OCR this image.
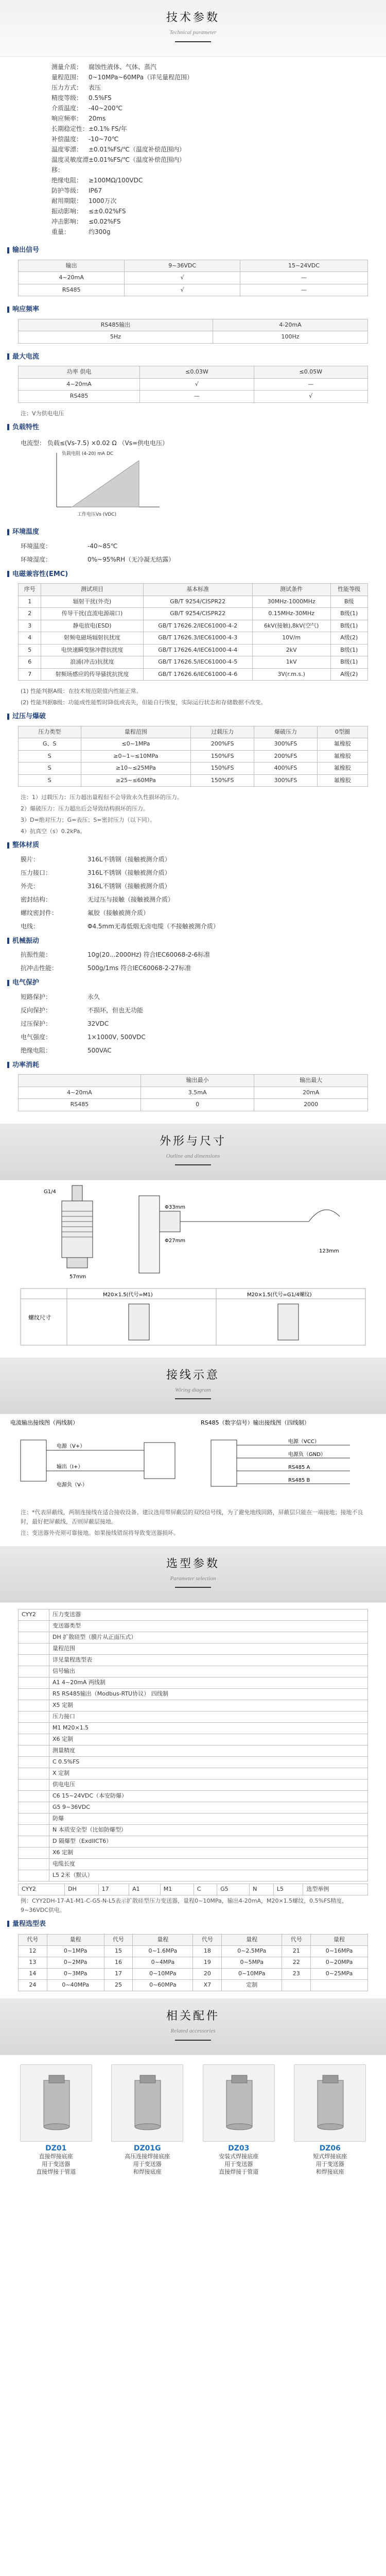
技术参数
Technical parameter
测量介质： 腐蚀性液体、气体、蒸汽
量程范围： 0~10MPa~60MPa（详见量程范围）
压力方式： 表压
精度等级： 0.5%FS
介质温度： -40~200℃
响应频率： 20ms
长期稳定性： ±0.1% FS/年
补偿温度： -10~70℃
温度零漂： ±0.01%FS/℃（温度补偿范围内）
温度灵敏度漂移：
±0.01%FS/℃（温度补偿范围内）
绝缘电阻： ≥100MΩ/100VDC
防护等级： IP67
耐用期限： 1000万次
振动影响： ≤±0.02%FS
冲击影响： ≤0.02%FS
重量：	约300g
输出信号
输出	9~36VDC	15~24VDC
4~20mA	√	—
RS485	√	—
响应频率
RS485输出	4-20mA
5Hz	100Hz
最大电流
功率 供电	≤0.03W	≤0.05W
4~20mA	√	—
RS485	—	√
注：V为供电电压
负载特性
电流型： 负载≤(Vs-7.5) ×0.02 Ω （Vs=供电电压）
负载电阻 (4-20) mA DC
工作电压Vs (VDC)
环境温度
环境温度：	-40~85℃
环境湿度：	0%~95%RH（无冷凝无结露）
电磁兼容性(EMC)
序号	测试项目	基本标准	测试条件	性能等级
1	辐射干扰(外壳)	GB/T 9254/CISPR22	30MHz-1000MHz	B级
2	传导干扰(直流电源端口)	GB/T 9254/CISPR22	0.15MHz-30MHz	B级(1)
3	静电放电(ESD)	GB/T 17626.2/IEC61000-4-2	6kV(接触),8kV(空气)	B级(1)
4	射频电磁场辐射抗扰度	GB/T 17626.3/IEC61000-4-3	10V/m	A级(2)
5	电快速瞬变脉冲群抗扰度	GB/T 17626.4/IEC61000-4-4	2kV	B级(1)
6	浪涌(冲击)抗扰度	GB/T 17626.5/IEC61000-4-5	1kV	B级(1)
7	射频场感应的传导骚扰抗扰度	GB/T 17626.6/IEC61000-4-6	3V(r.m.s.)	A级(2)
(1) 性能判据A级：在技术规范限值内性能正常。
(2) 性能判据B级：功能或性能暂时降低或丧失，但能自行恢复，实际运行状态和存储数据不改变。
过压与爆破
压力类型	量程范围	过载压力	爆破压力	0型圈
G、S	≤0~1MPa	200%FS	300%FS	氟橡胶
S	≥0~1~≤10MPa	150%FS	200%FS	氟橡胶
S	≥10~≤25MPa	150%FS	400%FS	氟橡胶
S	≥25~≤60MPa	150%FS	300%FS	氟橡胶
注：1）过载压力：压力超出量程但不会导致永久性损坏的压力。
2）爆破压力：压力超出后会导致结构损坏的压力。
3）D=绝对压力；G=表压；S=密封压力（以下同）。
4）抗真空（s）0.2kPa。
整体材质
膜片：	316L不锈钢（接触被测介质）
压力接口：	316L不锈钢（接触被测介质）
外壳：	316L不锈钢（接触被测介质）
密封结构：	无过压与接触（接触被测介质）
螺纹密封件：	氟胶（接触被测介质）
电线：	Φ4.5mm无毒低烟无卤电缆（不接触被测介质）
机械振动
抗振性能：	10g(20...2000Hz) 符合IEC60068-2-6标准
抗冲击性能：	500g/1ms 符合IEC60068-2-27标准
电气保护
短路保护：	永久
反向保护：	不损坏，但也无功能
过压保护：	32VDC
电气强度：	1×1000V, 500VDC
绝缘电阻：	500VAC
功率消耗
	输出最小	输出最大
4~20mA	3.5mA	20mA
RS485	0	2000
外形与尺寸
Outline and dimensions
G1/4
57mm
Φ33mm
Φ27mm
123mm
螺纹尺寸
M20×1.5(代号=M1)	M20×1.5(代号=G1/4螺纹)
接线示意
Wiring diagram
电流输出接线图（两线制）	RS485（数字信号）输出接线图（四线制）
电源（V+）
输出（I+）
电源负（V-）
电源（VCC）
电源负（GND）
RS485 A
RS485 B
注：*代表屏蔽线，两制连接线在适合接收设备。建议选用带屏蔽层的双绞信号线，为了避免地线回路，屏蔽层只能在一端接地；接地不良时，最好把屏蔽线，否则屏蔽层接地。
注：变送器外壳须可靠接地。如果接线错误将导致变送器损坏。
选型参数
Parameter selection
CYY2	压力变送器
	变送器类型
	DH 扩散硅型（膜片从正面压式）
	量程范围
	详见量程选型表
	信号输出
	A1 4~20mA 两线制
	R5 RS485输出（Modbus-RTU协议） 四线制
	X5 定制
	压力接口
	M1 M20×1.5
	X6 定制
	测量精度
	C 0.5%FS
	X 定制
	供电电压
	C6 15~24VDC（本安防爆）
	G5 9~36VDC
	防爆
	N 本质安全型（比如防爆型）
	D 隔爆型（ExdIICT6）
	X6 定制
	电缆长度
	L5 2米（默认）
CYY2	DH	17	A1	M1	C	G5	N	L5	选型举例
例：CYY2DH-17-A1-M1-C-G5-N-L5表示扩散硅型压力变送器，量程0~10MPa，输出4-20mA，M20×1.5螺纹，0.5%FS精度，9~36VDC供电。
量程选型表
代号	量程	代号	量程	代号	量程	代号	量程
12	0~1MPa	15	0~1.6MPa	18	0~2.5MPa	21	0~16MPa
13	0~2MPa	16	0~4MPa	19	0~5MPa	22	0~20MPa
14	0~3MPa	17	0~10MPa	20	0~10MPa	23	0~25MPa
24	0~40MPa	25	0~60MPa	X7	定制		
相关配件
Related accessories
DZ01
直接焊接底座
用于变送器
直接焊接于管道
DZ01G
高压连接焊接底座
用于变送器
和焊接底座
DZ03
安装式焊接底座
用于变送器
直接焊接于管道
DZ06
短式焊接底座
用于变送器
和焊接底座
